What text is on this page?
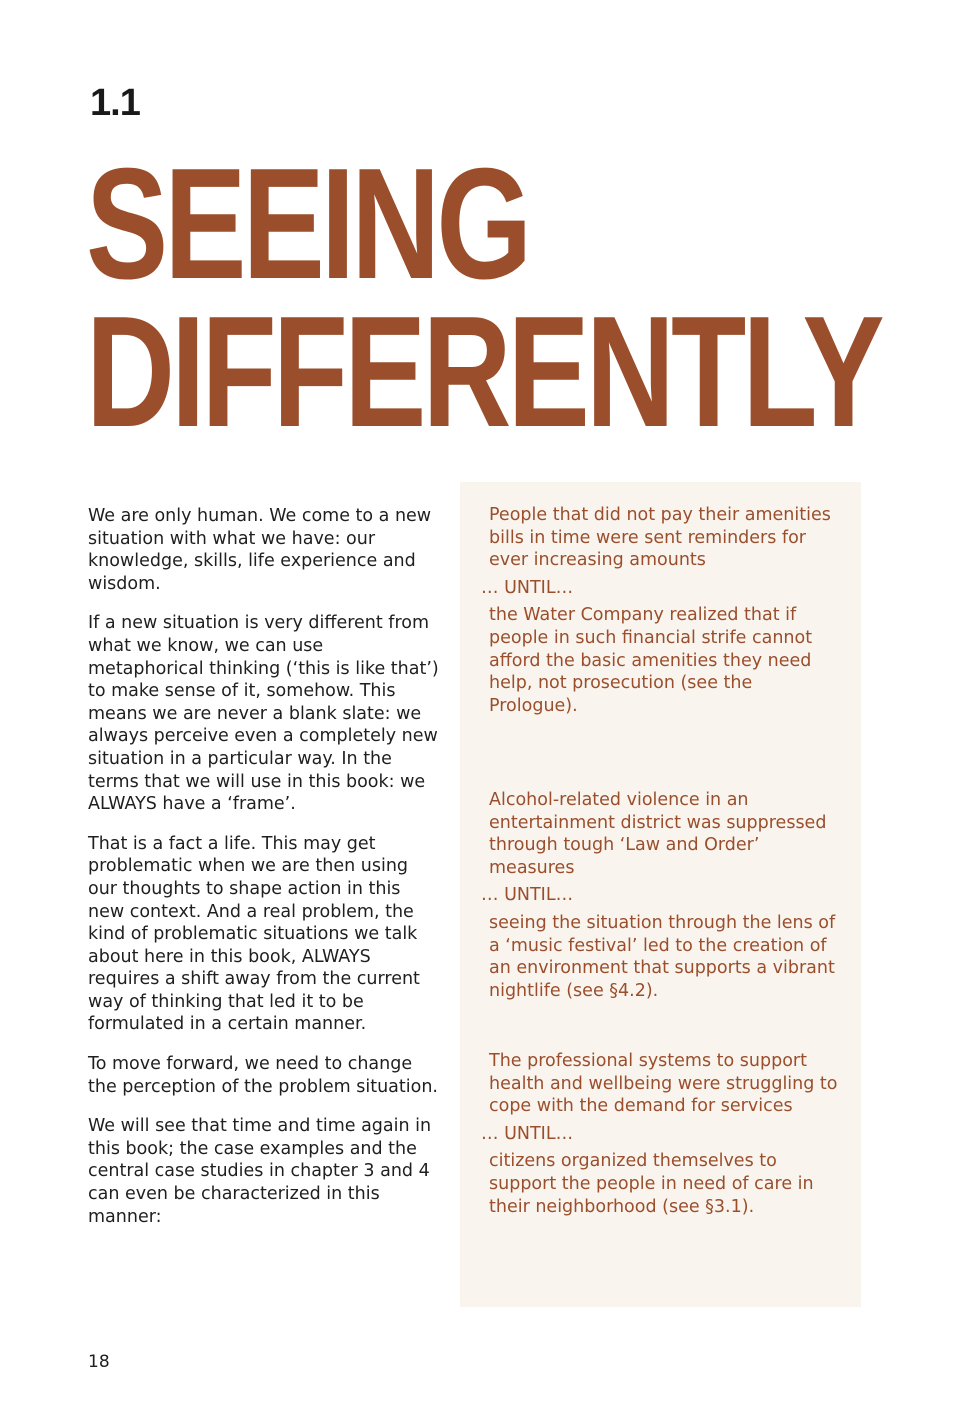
1.1
SEEING
DIFFERENTLY

We are only human. We come to a new situation with what we have: our knowledge, skills, life experience and wisdom.

If a new situation is very different from what we know, we can use metaphorical thinking (‘this is like that’) to make sense of it, somehow. This means we are never a blank slate: we always perceive even a completely new situation in a particular way. In the terms that we will use in this book: we ALWAYS have a ‘frame’.

That is a fact a life. This may get problematic when we are then using our thoughts to shape action in this new context. And a real problem, the kind of problematic situations we talk about here in this book, ALWAYS requires a shift away from the current way of thinking that led it to be formulated in a certain manner.

To move forward, we need to change the perception of the problem situation.

We will see that time and time again in this book; the case examples and the central case studies in chapter 3 and 4 can even be characterized in this manner:

People that did not pay their amenities bills in time were sent reminders for ever increasing amounts

… UNTIL…

the Water Company realized that if people in such financial strife cannot afford the basic amenities they need help, not prosecution (see the Prologue).

Alcohol-related violence in an entertainment district was suppressed through tough ‘Law and Order’ measures

… UNTIL…

seeing the situation through the lens of a ‘music festival’ led to the creation of an environment that supports a vibrant nightlife (see §4.2).

The professional systems to support health and wellbeing were struggling to cope with the demand for services

… UNTIL…

citizens organized themselves to support the people in need of care in their neighborhood (see §3.1).

18
